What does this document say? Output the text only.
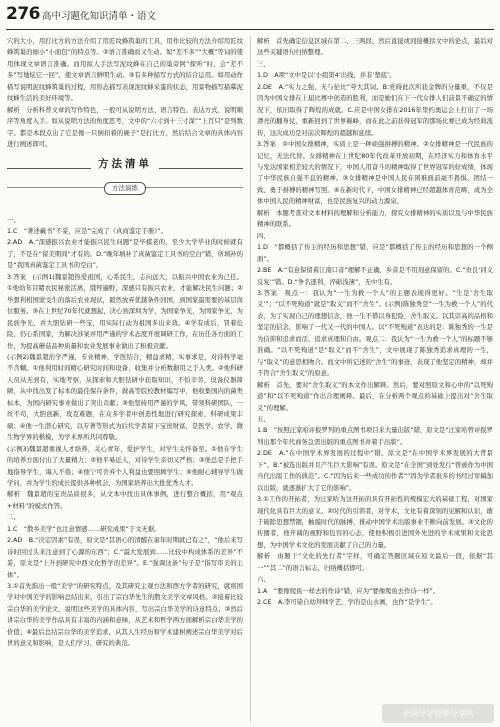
276 高中习题化知识清单・语文

穴的大小，用打比方的方法介绍了用匠纹蜂筑巢的工具，用作比较的方法介绍用匠纹蜂筑巢的细小“小面包”的特点等。②语言准确而又生动。如“差不多”“大概”等词的使用体现文章语言准确。而用拟人手法写泥纹蜂在自己的巢旁阿“探听”时，会“差不多”写地炫它一回”，使文章语言鲜明生动。③有多种描写方式的结合运用。如用动作描写说明泥纹蜂筑巢的过程，用形态描写表现泥纹蜂采蛋的状态，用景物描写描摹泥纹蜂生活的美好环境等。

解析　分析科普文章的写作特色，一般可从说明方法、语言特色、表达方式、说明顺序等角度入手。如从说明方法的角度思考，文中的“六寸到十三寸深”“上百只”是列数字。都是本段点出了它是像一只倒扣着的碗子”是打比方，然后结合文章的具体内容进行阐述即可。

方法清单
方法演练

一、

1.C　“著述藏书”不妥，应是“完成了《真商鉴定手册》”。

2.AD　A.“深感振兴农业才能振兴民生问题”是毕棋老的，至少大学毕业的时候就有了，不是在“留美期间”才有的。D.“晚年填补了真菌鉴定工具书的空白”错，所填补的是“我国真菌鉴定工具书的空白”。

3.答案　(示例1)魏景超热爱祖国，心系民生，志向远大，以振兴中国农业为己任。①他幼年目睹农民秘密活离，饿殍遍野，深感只有振兴农业，才能解决民生问题；②毕想利相国蒙受生的落后农业现状，毅然放弃优越条件回国，到国家最需要的基层岗位服务。③在上世纪70年代就想起，决心到深圳为学，为国家争光，为国家争光，为民族争光，并大胆钻研一些宝，用实际行动为祖国多出来效。④学有成后，冒着危险，仍心系国家，为解决涉案并用严谨的学术态度开展调研工作，在历任各方面的工作，为提高蘑菇品种质量和农业发展事业做出了积极贡献。

(示例2)魏景超治学严谨，专业精神，学医结合，精益求精，实事求是，对待科学毫不含糊。①他利用时间精心研究时间和设备，收集并分析数据用之于人类。②他科研人员从无到有，实地考察，从探索和大胆钻研中获取知识，不怕辛劳，设备仪器简陋，从中找出发了标本的最佳保存条件，做高等院校教材编写中，他收集国内的菌类标本，为国内研究事业做出了突出贡献；③他坚持用严谨的学风，带领科研团队，一丝不苟，大胆创新，攻克难题，在众多学者中创造性地进行研究探索，科研成果丰硕；④他一生潜心研究，以专著等形式为后代学者留下宝贵财富，是医学、农学、微生物学界的楷模，为学术界所共同尊敬。

(示例3)魏景超重视人才培养，关心青年，爱护学生，对学生关怀备至。①他在学生的培养方面付出了大量精力；②他平易近人，对待学生亲切又严格；③他总是手把手地指导学生，诲人不倦；④他宁可舍弃个人利益也要照顾学生；⑤他耐心辅导学生做学问，并为学生的成长提供各种机会，为国家培养出大批优秀人才。

解析　魏景超的宝贵品质很多，从文本中找出具体事例，进行整合概括，用“观点+材料”的模式作答。

二、

1.C　“散乡美学”也注意情感……研究成果”于文无据。

2.AD　B.“决定因素”有误，原文是“其语心的清醒在童年时期就已有之”，“他后来写诗时回过头来注意到了心源的东西”；C.“最大发展到……比较中构成体系的差异”不妥，原文是“上升到研究中西文化哲学的差异”。E.“强调这条”句子是“指写审美的主体”。

3.①首先指出一般“美学”的研究特点，及其研究主观方法和西方学者的研究，就将国学对中国美学的影响总结出来，引出了宗白华先生的散文美学文章风格。②接着比较宗白华的美学论文，说明这些美学的具体内容，写出宗白华美学的诗意特点；③然后讲宗白华的美学作品具有丰富的内涵和意味，从艺术和哲学两方面解析宗白华美学的价值；④最后总结宗白华的美学追求，从其人生经历和学术建树阐述宗白华美学对后世的意义和影响，是人们学习、研究的典范。

解析　首先确定信息区域在第二、三两段，然后直接或间接概括文中的论点，最后对这些关键语句归纳整理。

三、

1.D　A项“文中是以‘小组第4’出线，并非‘垫底’。

2.DE　A.“实力之强，无与伦比”夸大其词。B.党碍此次所获金牌的分量重，不仅是因为中国女排在上届比赛中创造的胜利，而是她们在下一代女排人们前景不确定的情况下，依旧取得了辉煌的成就。C.应是中国女排在2016年里约奥运会上打出了一场漂亮的翻身仗，重新回到了世界巅峰，而在此之前获得冠军的那场比赛已成为经典流传，这次成功是对前次辉煌的超越和延续。

3.答案　①中国女排精神，实质上是一种顽强拼搏的精神。②女排精神是一代民族的记忆，无法代替。女排精神在上世纪80年代改革开放初期，在经济实力和体育水平与发达国家相差较大的情况下，中国人用奋斗的精神取得了世界冠军的好成绩，体现了中华民族自强不息的精神。③女排精神是中国人民在困难面前毫不畏惧、团结一致、勇于拼搏的精神写照。④在新时代下，中国女排精神已经超越体育范畴，成为全体中国人民的精神财富，也是民族复兴的动力源泉。

解析　本题考查对文本材料的理解和分析能力，探究女排精神的实质以及与中华民族精神的联系。

四、

1.D　“都概括了传主的经历和思想”错，应是“都概括了传主的经历和思想的一个侧面”。

2.BE　A.“有意保留着江南口音”理解不正确，乡音是不用刻意保留的。C.“贵良‘同义反复’”错。D.“争名逐利，淬砺浅薄”，无中生有。

3.答案　观点一：我认为“一生为救一个人”的主题表现得更好。“生是‘舍生取义’”；“以不死殉道”就是“取义”而不“舍生”。(示例)陈独秀是“一生为救一个人”的代表，为了实现自己的理想信念，他一生不惜以身犯险，舍生取义。以其崇高的品格和坚定的信念，影响了一代又一代的中国人。以“不死殉道”表达的是：陈独秀的一生是为信仰和追求而活，追求真理和自由。观点二：我认为“一生为救一个人”的标题不够准确。“以不死殉道”是“取义”而不“舍生”，文中展现了陈独秀追求真理的一生，与“取义”的意思相吻合。而文中所记述的“舍生”的事迹，表现了他坚定的精神，却并不符合“舍生取义”的原意。

解析　首先，要对“舍生取义”的本文作出解释。然后，要对照原文和心中的“以死殉道”和“以不死殉道”作出合理阐释。最后，在分析两个观点的基础上提出对“舍生取义”的理解。

五、

1.B　“按照汪家哈评报罗列的重点图书项目来大量出版”错，原文是“汪家哈曾评报罗列出那个年代商务急需出版的重点图书并着手出版”。

2.DE　A.“在中国学术界发展的过程中”错。原文是“在中国学术界发展的大背景下”。B.“被选出版并且产生巨大影响”有误。原文是“在全国”到处发行“曾被作为中国当代出版工作的典范”。C.“因为后来一些成功的作者”“因为学者很多的书经过审稿加以出版，就逐渐扩大了它的影响”。

3.①工作的开拓者，为汪家哈为这开拓的具有开拓性的规模宏大的基础工程，对国家现代化具有巨大的意义。②时代的引领者，对学术、文化有着深刻的见解和认识，敢于破除思想禁锢，触摸时代的脉搏，推动中国学术出版事业不断向前发展。③文化的传播者，他开阔的视野和包容的心态，使他积极引进国外先进的学术成果和文化思想，为中国学术文化的发展贡献了自己的力量。

解析　由题干“文化的先行者”字样，可确定答题区域在原文最后一段，依据“其一”“其二”的语言标志，归纳概括即可。

六、

1.A　“要像爬鱼一样去的作诗”错，应为“要像爬鱼去作诗一样”。

2.CE　A.李可染自幼拜师学艺，学的是山水画，也作“是学生”。

全国导学资源分享网
